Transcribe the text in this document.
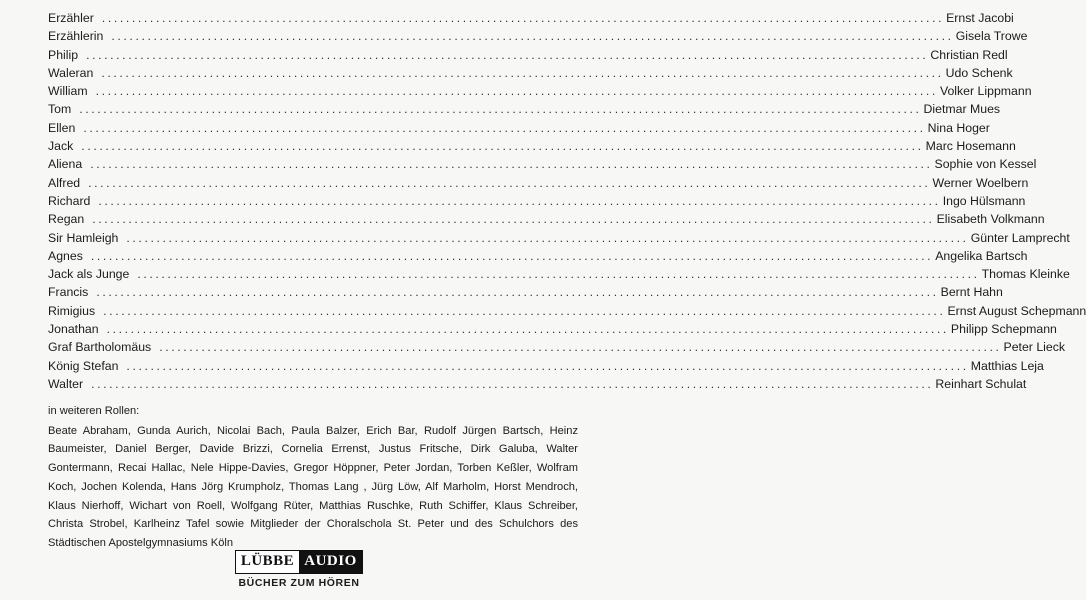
Erzähler ............................................................................................................................................ Ernst Jacobi
Erzählerin ............................................................................................................................................ Gisela Trowe
Philip ............................................................................................................................................ Christian Redl
Waleran ............................................................................................................................................ Udo Schenk
William ............................................................................................................................................ Volker Lippmann
Tom ............................................................................................................................................ Dietmar Mues
Ellen ............................................................................................................................................ Nina Hoger
Jack ............................................................................................................................................ Marc Hosemann
Aliena ............................................................................................................................................ Sophie von Kessel
Alfred ............................................................................................................................................ Werner Woelbern
Richard ............................................................................................................................................ Ingo Hülsmann
Regan ............................................................................................................................................ Elisabeth Volkmann
Sir Hamleigh ............................................................................................................................................ Günter Lamprecht
Agnes ............................................................................................................................................ Angelika Bartsch
Jack als Junge ............................................................................................................................................ Thomas Kleinke
Francis ............................................................................................................................................ Bernt Hahn
Rimigius ............................................................................................................................................ Ernst August Schepmann
Jonathan ............................................................................................................................................ Philipp Schepmann
Graf Bartholomäus ............................................................................................................................................ Peter Lieck
König Stefan ............................................................................................................................................ Matthias Leja
Walter ............................................................................................................................................ Reinhart Schulat
in weiteren Rollen:
Beate Abraham, Gunda Aurich, Nicolai Bach, Paula Balzer, Erich Bar, Rudolf Jürgen Bartsch, Heinz Baumeister, Daniel Berger, Davide Brizzi, Cornelia Errenst, Justus Fritsche, Dirk Galuba, Walter Gontermann, Recai Hallac, Nele Hippe-Davies, Gregor Höppner, Peter Jordan, Torben Keßler, Wolfram Koch, Jochen Kolenda, Hans Jörg Krumpholz, Thomas Lang , Jürg Löw, Alf Marholm, Horst Mendroch, Klaus Nierhoff, Wichart von Roell, Wolfgang Rüter, Matthias Ruschke, Ruth Schiffer, Klaus Schreiber, Christa Strobel, Karlheinz Tafel sowie Mitglieder der Choralschola St. Peter und des Schulchors des Städtischen Apostelgymnasiums Köln
LÜBBE AUDIO
BÜCHER ZUM HÖREN
